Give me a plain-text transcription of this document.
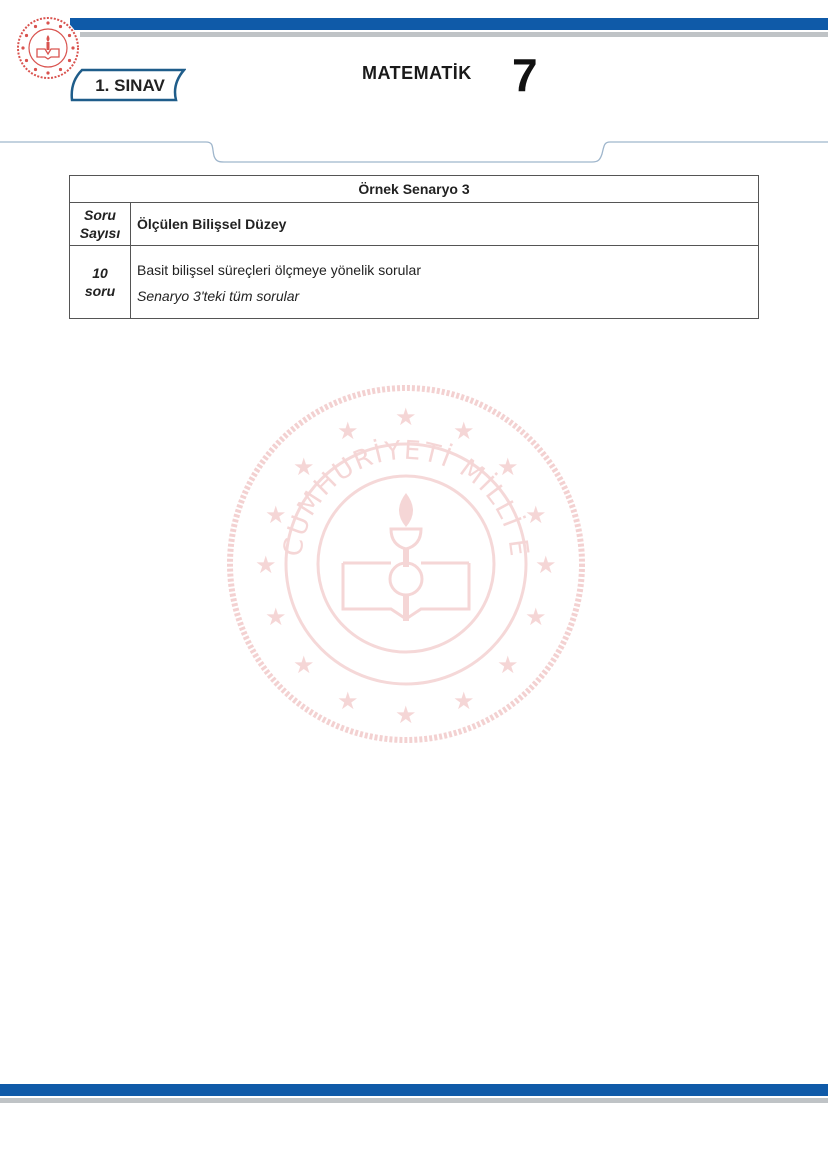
1. SINAV
MATEMATİK 7
★ ★
★
★
★
★
★
★
★
★
★
★
★
★
★
★
CUMHURİYETİ MİLLİ E
Örnek Senaryo 3	
Soru
Sayısı	Ölçülen Bilişsel Düzey
10 soru	Basit bilişsel süreçleri ölçmeye yönelik sorular
Senaryo 3'teki tüm sorular
